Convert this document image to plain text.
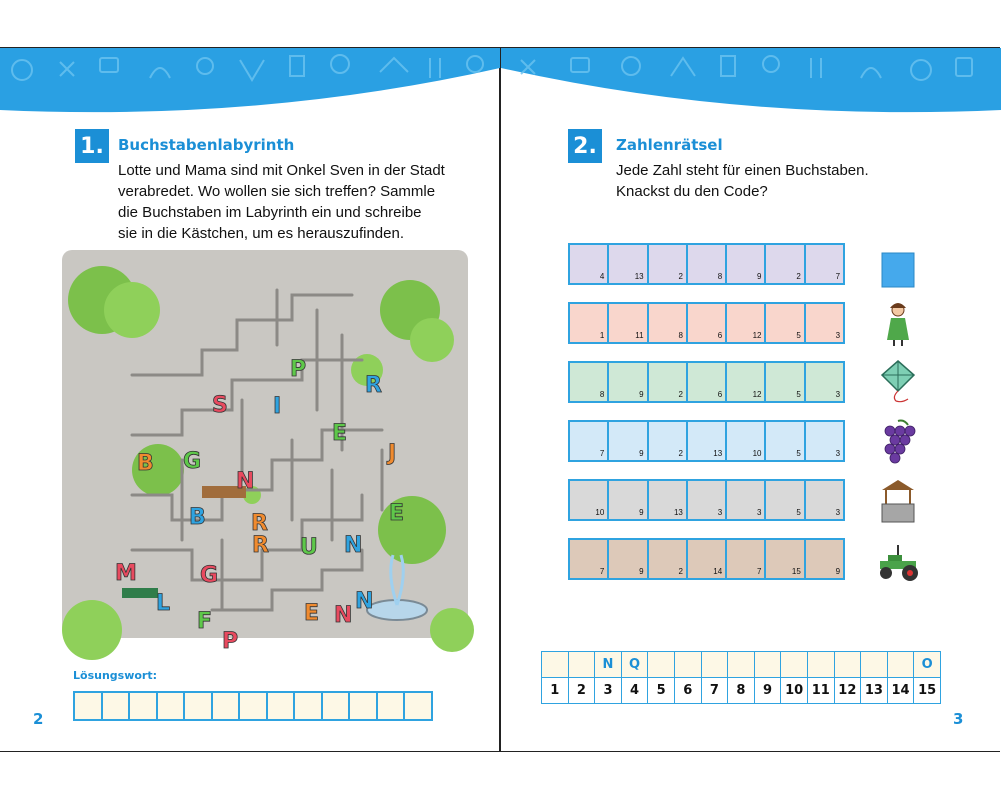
1. Buchstabenlabyrinth
Lotte und Mama sind mit Onkel Sven in der Stadt
verabredet. Wo wollen sie sich treffen? Sammle
die Buchstaben im Labyrinth ein und schreibe
sie in die Kästchen, um es herauszufinden.
P
S
R
I
E
B G	J
N
E
B R
U N
M	G
R
L
F	E N
P
N
Lösungswort:
2
2.	Zahlenrätsel
Jede Zahl steht für einen Buchstaben.
Knackst du den Code?
4	13	2	8	9	2	7
1	11	8	6	12	5	3
8	9	2	6	12	5	3
7	9	2	13	10	5	3
10	9	13	3	3	5	3
7	9	2	14	7	15	9
		N	Q											O
1	2	3	4	5	6	7	8	9	10	11	12	13	14	15
3
